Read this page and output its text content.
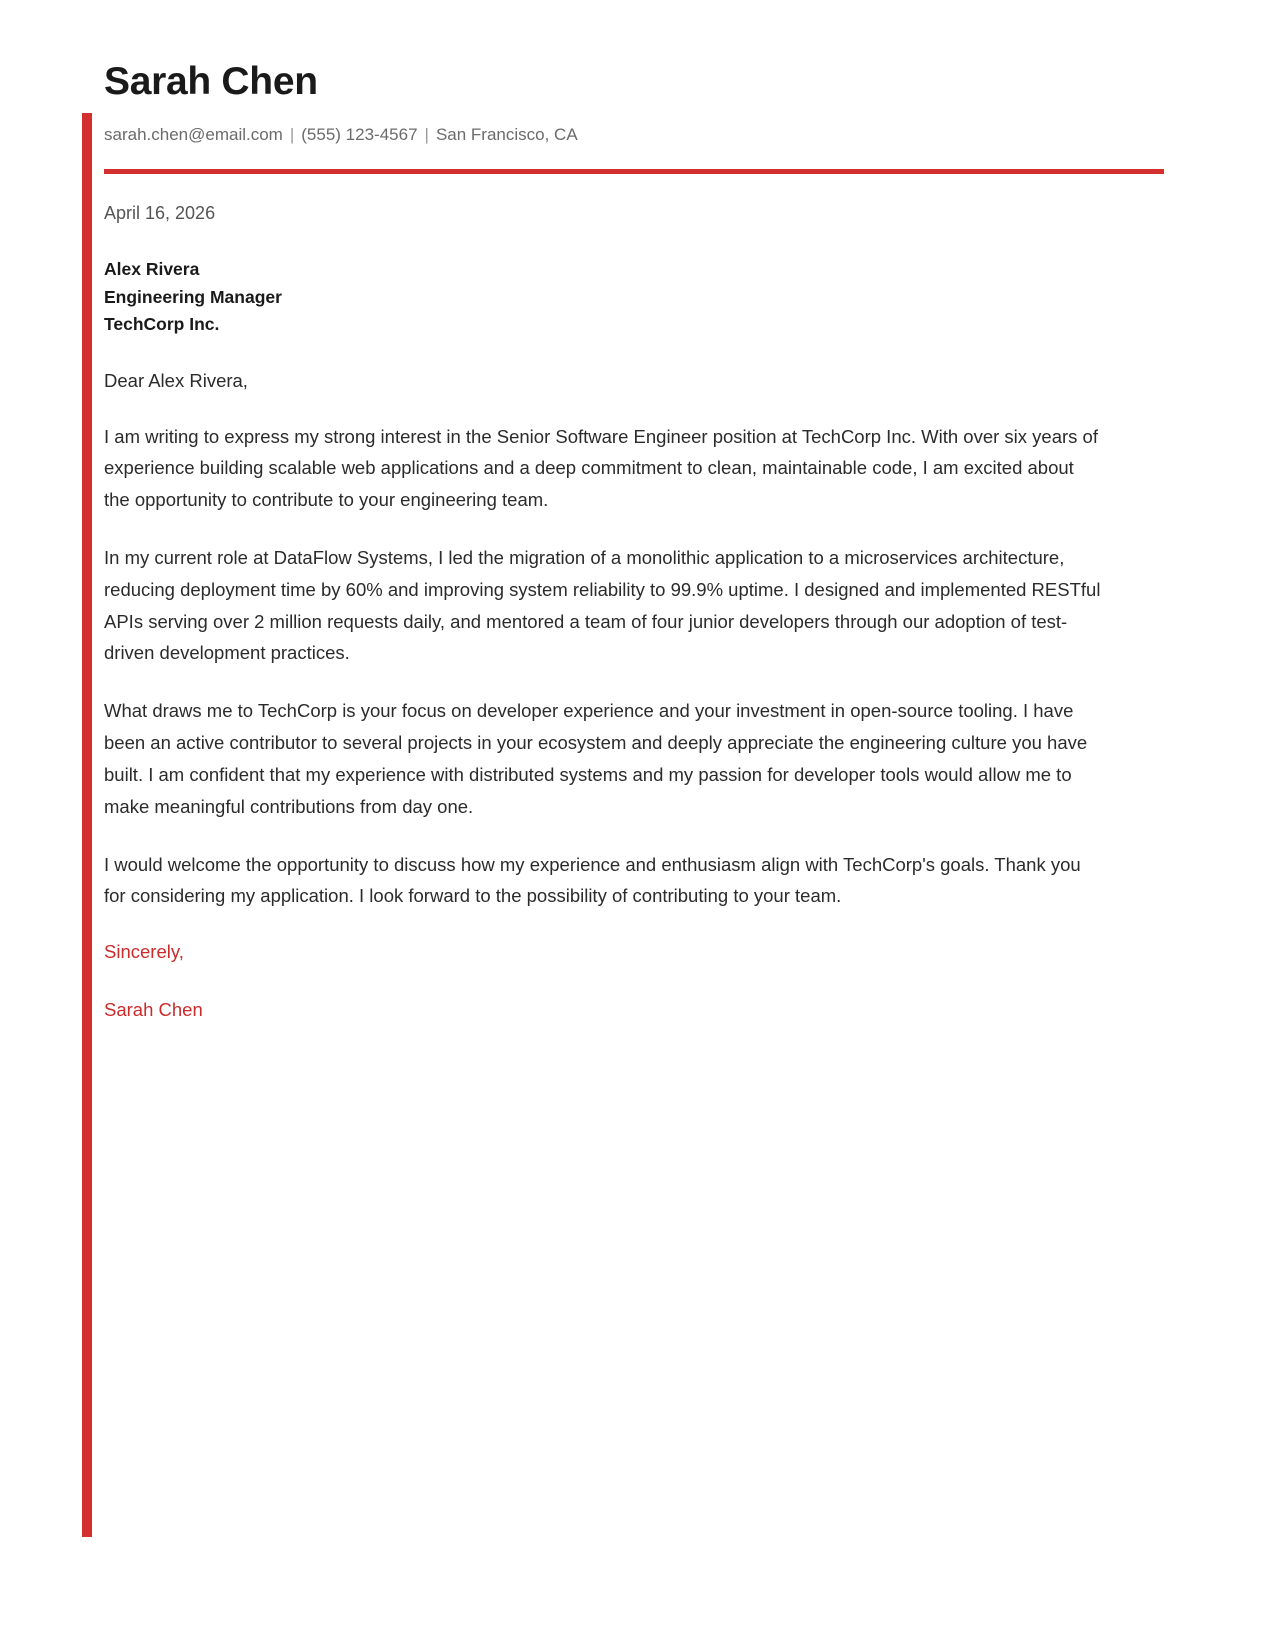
Sarah Chen
sarah.chen@email.com | (555) 123-4567 | San Francisco, CA
April 16, 2026
Alex Rivera
Engineering Manager
TechCorp Inc.
Dear Alex Rivera,

I am writing to express my strong interest in the Senior Software Engineer position at TechCorp Inc. With over six years of experience building scalable web applications and a deep commitment to clean, maintainable code, I am excited about the opportunity to contribute to your engineering team.

In my current role at DataFlow Systems, I led the migration of a monolithic application to a microservices architecture, reducing deployment time by 60% and improving system reliability to 99.9% uptime. I designed and implemented RESTful APIs serving over 2 million requests daily, and mentored a team of four junior developers through our adoption of test-driven development practices.

What draws me to TechCorp is your focus on developer experience and your investment in open-source tooling. I have been an active contributor to several projects in your ecosystem and deeply appreciate the engineering culture you have built. I am confident that my experience with distributed systems and my passion for developer tools would allow me to make meaningful contributions from day one.

I would welcome the opportunity to discuss how my experience and enthusiasm align with TechCorp's goals. Thank you for considering my application. I look forward to the possibility of contributing to your team.

Sincerely,
Sarah Chen
